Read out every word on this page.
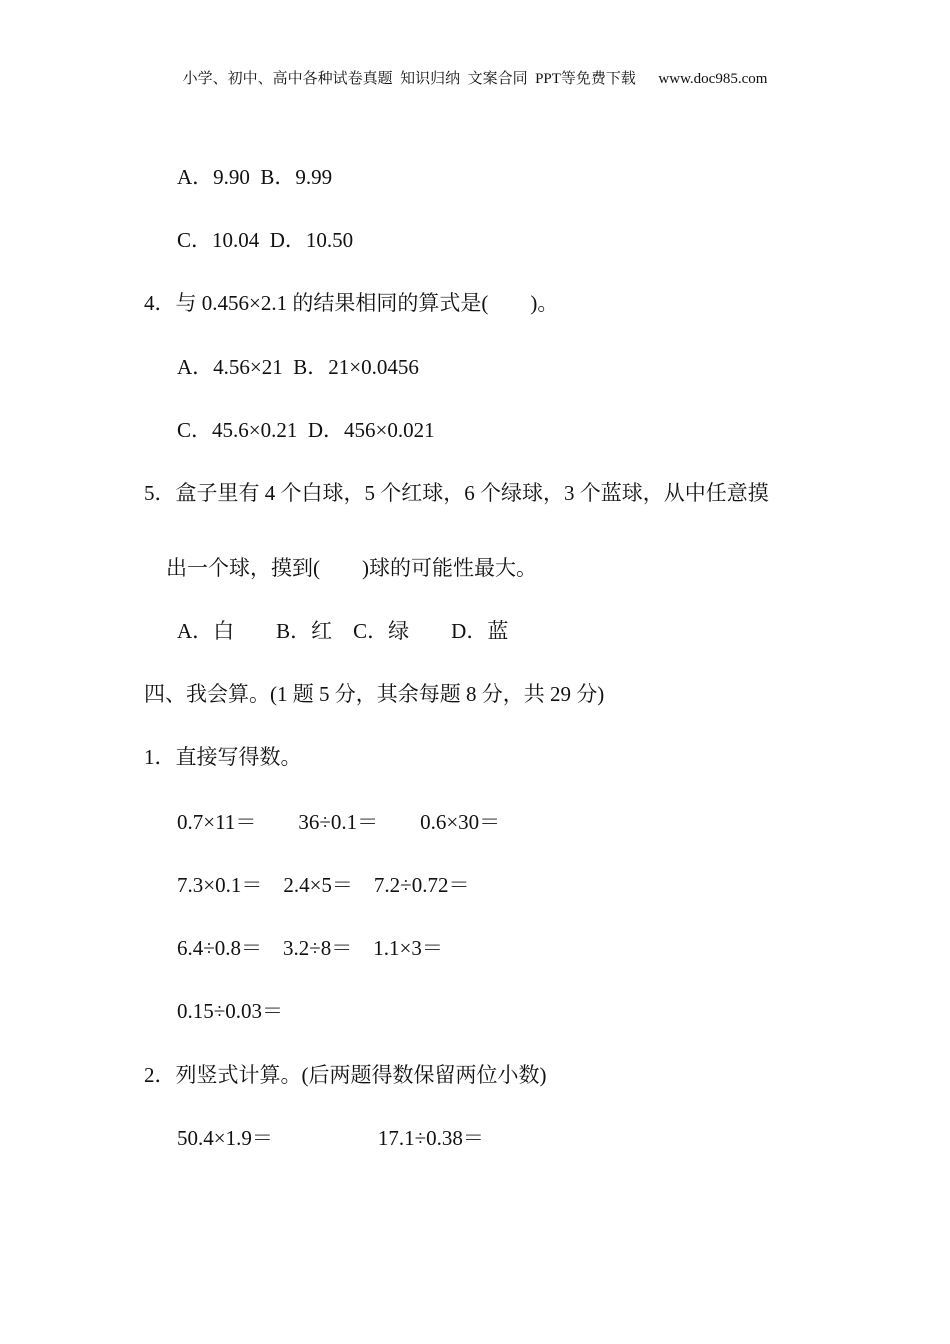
小学、初中、高中各种试卷真题  知识归纳  文案合同  PPT等免费下载      www.doc985.com
A．9.90  B．9.99
C．10.04  D．10.50
4．与 0.456×2.1 的结果相同的算式是(        )。
A．4.56×21  B．21×0.0456
C．45.6×0.21  D．456×0.021
5．盒子里有 4 个白球，5 个红球，6 个绿球，3 个蓝球，从中任意摸
出一个球，摸到(        )球的可能性最大。
A．白        B．红    C．绿        D．蓝
四、我会算。(1 题 5 分，其余每题 8 分，共 29 分)
1．直接写得数。
0.7×11＝        36÷0.1＝        0.6×30＝
7.3×0.1＝    2.4×5＝    7.2÷0.72＝
6.4÷0.8＝    3.2÷8＝    1.1×3＝
0.15÷0.03＝
2．列竖式计算。(后两题得数保留两位小数)
50.4×1.9＝                    17.1÷0.38＝
